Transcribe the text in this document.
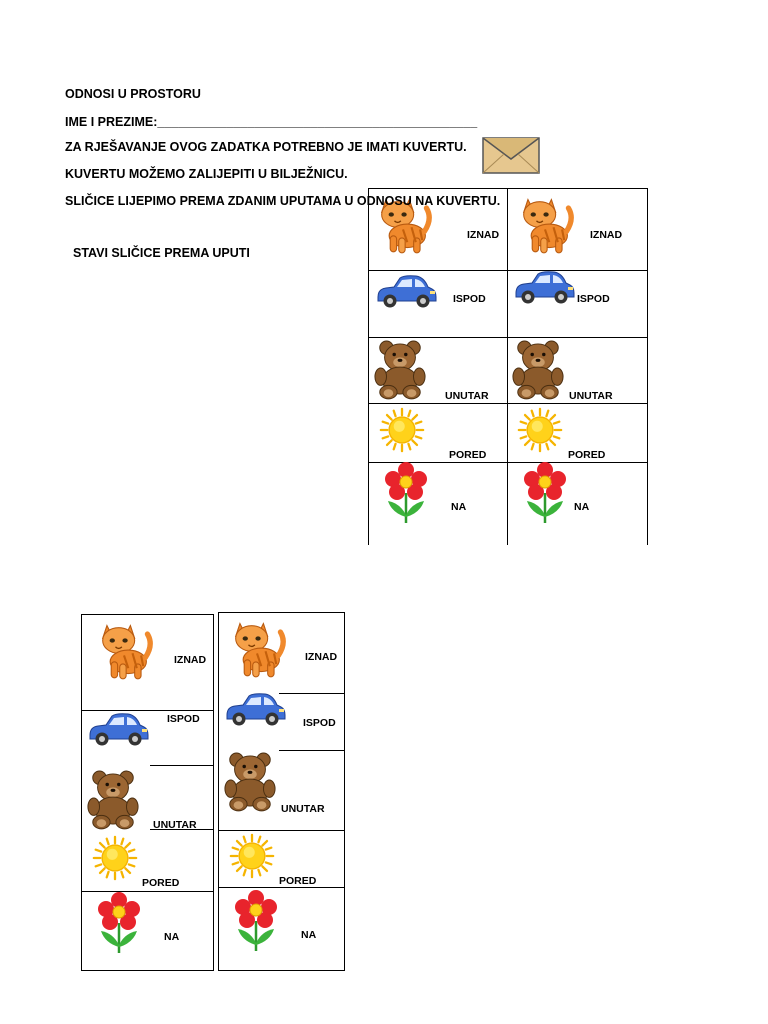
ODNOSI U PROSTORU
IME I PREZIME:______________________________________________
ZA RJEŠAVANJE OVOG ZADATKA POTREBNO JE IMATI KUVERTU.
KUVERTU MOŽEMO ZALIJEPITI U BILJEŽNICU.
SLIČICE LIJEPIMO PREMA ZDANIM UPUTAMA U ODNOSU NA KUVERTU.
STAVI SLIČICE PREMA UPUTI
IZNAD
ISPOD
UNUTAR
PORED
NA
IZNAD
ISPOD
UNUTAR
PORED
NA
IZNAD
ISPOD
UNUTAR
PORED
NA
IZNAD
ISPOD
UNUTAR
PORED
NA
